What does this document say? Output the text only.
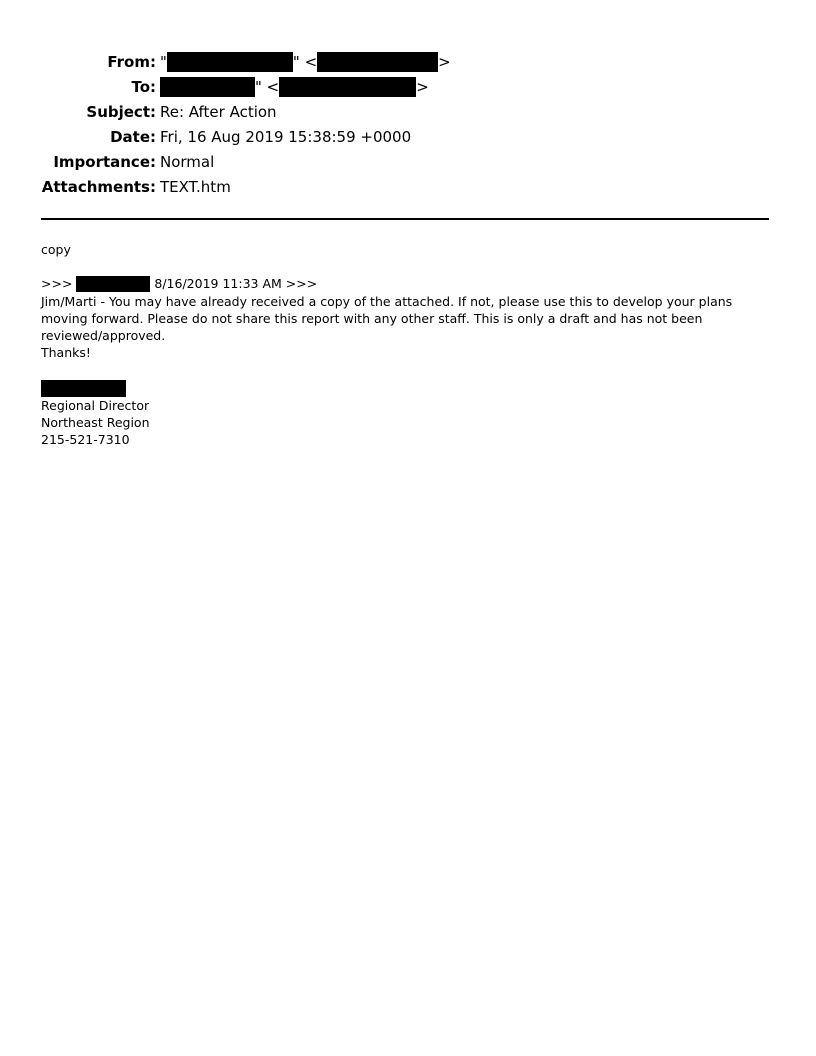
From: "	" <	>
To:	" <	>
Subject: Re: After Action
Date: Fri, 16 Aug 2019 15:38:59 +0000
Importance: Normal
Attachments: TEXT.htm

copy

>>>	8/16/2019 11:33 AM >>>

Jim/Marti - You may have already received a copy of the attached. If not, please use this to develop your plans moving forward. Please do not share this report with any other staff. This is only a draft and has not been reviewed/approved.

Thanks!

Regional Director

Northeast Region

215-521-7310
